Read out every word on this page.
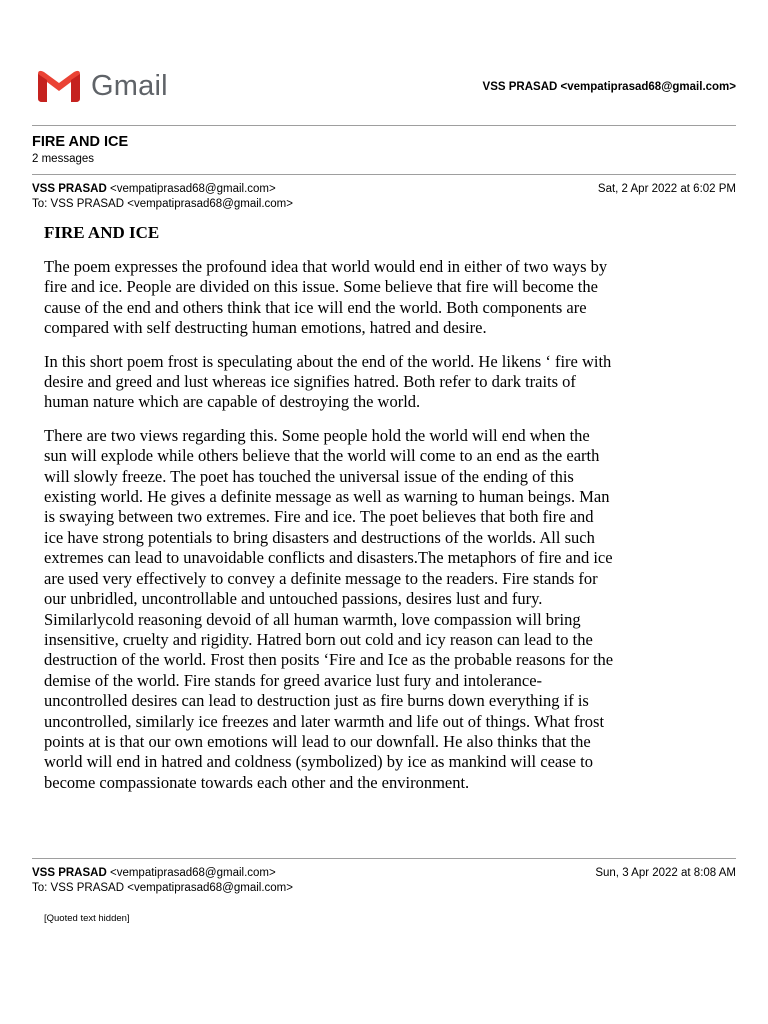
Gmail	VSS PRASAD <vempatiprasad68@gmail.com>
FIRE AND ICE
2 messages
VSS PRASAD <vempatiprasad68@gmail.com>	Sat, 2 Apr 2022 at 6:02 PM
To: VSS PRASAD <vempatiprasad68@gmail.com>
FIRE AND ICE

The poem expresses the profound idea that world would end in either of two ways by
fire and ice. People are divided on this issue. Some believe that fire will become the
cause of the end and others think that ice will end the world. Both components are
compared with self destructing human emotions, hatred and desire.

In this short poem frost is speculating about the end of the world. He likens ‘ fire with
desire and greed and lust whereas ice signifies hatred. Both refer to dark traits of
human nature which are capable of destroying the world.

There are two views regarding this. Some people hold the world will end when the
sun will explode while others believe that the world will come to an end as the earth
will slowly freeze. The poet has touched the universal issue of the ending of this
existing world. He gives a definite message as well as warning to human beings. Man
is swaying between two extremes. Fire and ice. The poet believes that both fire and
ice have strong potentials to bring disasters and destructions of the worlds. All such
extremes can lead to unavoidable conflicts and disasters.The metaphors of fire and ice
are used very effectively to convey a definite message to the readers. Fire stands for
our unbridled, uncontrollable and untouched passions, desires lust and fury.
Similarlycold reasoning devoid of all human warmth, love compassion will bring
insensitive, cruelty and rigidity. Hatred born out cold and icy reason can lead to the
destruction of the world. Frost then posits ‘Fire and Ice as the probable reasons for the
demise of the world. Fire stands for greed avarice lust fury and intolerance-
uncontrolled desires can lead to destruction just as fire burns down everything if is
uncontrolled, similarly ice freezes and later warmth and life out of things. What frost
points at is that our own emotions will lead to our downfall. He also thinks that the
world will end in hatred and coldness (symbolized) by ice as mankind will cease to
become compassionate towards each other and the environment.

VSS PRASAD <vempatiprasad68@gmail.com>	Sun, 3 Apr 2022 at 8:08 AM
To: VSS PRASAD <vempatiprasad68@gmail.com>
[Quoted text hidden]
